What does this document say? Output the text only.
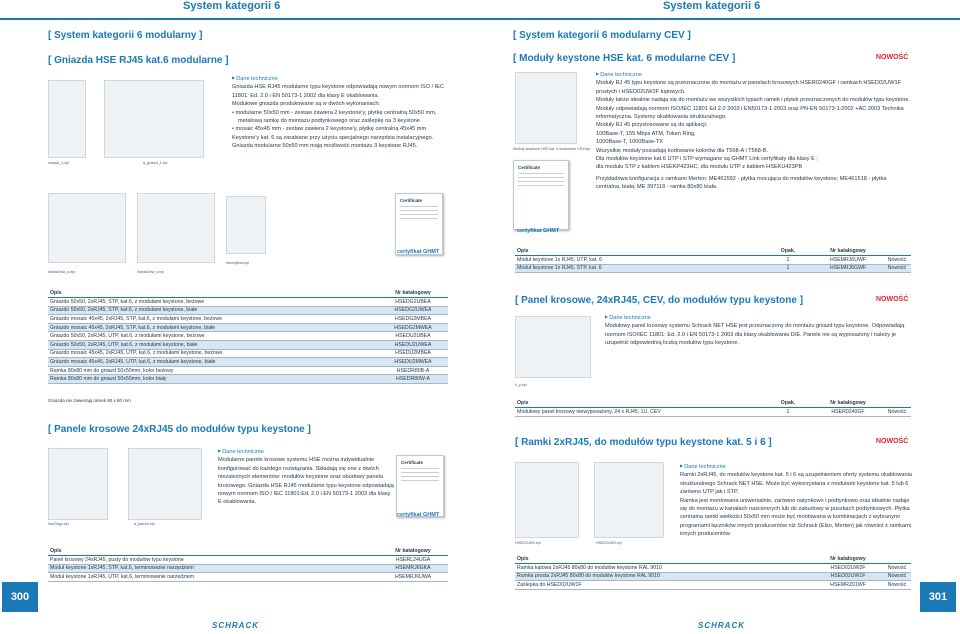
System kategorii 6	System kategorii 6
[ System kategorii 6 modularny ]
[ Gniazda HSE RJ45 kat.6 modularne ]
mosaic_1.epi	a_gniezd_1.epi
hseda2mw_a.epi	hseda2mw_s.epi
hsemrj6uw.epi
▶ Dane techniczne
Gniazda HSE RJ45 modularne typu keystone odpowiadają nowym normom ISO / IEC 11801: Ed. 2.0 i EN 50173-1 2002 dla klasy E okablowania.
Modułowe gniazda produkowane są w dwóch wykonaniach:
• modularne 50x50 mm - zestaw zawiera 2 keystone'y, płytkę centralną 50x50 mm, metalową ramkę do montażu podtynkowego oraz zaślepkę na 3 keystone
• mosaic 45x45 mm - zestaw zawiera 2 keystone'y, płytkę centralną 45x45 mm
Keystone'y kat. 6 są zarabiane przy użyciu specjalnego narzędzia instalacyjnego. Gniazda modularne 50x50 mm mają możliwość montażu 3 keystone RJ45.
Certificate
certyfikat GHMT
Opis	Nr katalogowy
Gniazdo 50x50, 2xRJ45, STP, kat.6, z modułami keystone, beżowe	HSEDG2UBEA
Gniazdo 50x50, 2xRJ45, STP, kat.6, z modułami keystone, białe	HSEDG2UWEA
Gniazdo mosaic 45x45, 2xRJ45, STP, kat.6, z modułami keystone, beżowe	HSEDG2MBEA
Gniazdo mosaic 45x45, 2xRJ45, STP, kat.6, z modułami keystone, białe	HSEDG2MWEA
Gniazdo 50x50, 2xRJ45, UTP, kat.6, z modułami keystone, beżowe	HSEDU2UBEA
Gniazdo 50x50, 2xRJ45, UTP, kat.6, z modułami keystone, białe	HSEDU2UWEA
Gniazdo mosaic 45x45, 2xRJ45, UTP, kat.6, z modułami keystone, beżowe	HSEDU2MBEA
Gniazdo mosaic 45x45, 2xRJ45, UTP, kat.6, z modułami keystone, białe	HSEDU2MWEA
Ramka 80x80 mm do gniazd 50x50mm, kolor beżowy	HSEDR80B-A
Ramka 80x80 mm do gniazd 50x50mm, kolor biały	HSEDR80W-A
Gniazda nie zawierają ramek 80 x 80 mm
[ Panele krosowe 24xRJ45 do modułów typu keystone ]
hse24tge.epi	a_patch2.epi
▶ Dane techniczne
Modularne panele krosowe systemu HSE można indywidualnie konfigurować do każdego rozwiązania. Składają się one z dwóch niezależnych elementów: modułów keystone oraz obudowy panela krosowego. Gniazda HSE RJ45 modularne typu keystone odpowiadają nowym normom ISO / IEC 11801:Ed. 2.0 i EN 50173-1 2003 dla klasy E okablowania.
Certificate
certyfikat GHMT
Opis	Nr katalogowy
Panel krosowy 24xRJ45, pusty do modułów typu keystone	HSERL24UGA
Moduł keystone 1xRJ45, STP, kat.6, terminowanie narzędziem	HSEMRJ6GKA
Moduł keystone 1xRJ45, UTP, kat.6, terminowanie narzędziem	HSEMRJ6UWA
300
SCHRACK
[ System kategorii 6 modularny CEV ]
[ Moduły keystone HSE kat. 6 modularne CEV ]	NOWOŚĆ
Moduły keystone HSE kat. 6 modularne CEV.epi
▶ Dane techniczne
Moduły RJ 45 typu keystone są przeznaczone do montażu w panelach krosowych HSER0240GF i ramkach HSED02UW1F prostych i HSED02UW2F kątowych.
Moduły także idealnie nadają się do montażu we wszystkich typach ramek i płytek przeznaczonych do modułów typu keystone.
Moduły odpowiadają normom ISO/IEC 11801 Ed 2.0 2003 i EN50173-1 2003 oraz PN-EN 50173-1:2002 +AC:2003 Technika informatyczna. Systemy okablowania strukturalnego.
Moduły RJ 45 przystosowane są do aplikacji:
100Base-T, 155 Mbps ATM, Token Ring,
1000Base-T, 1000Base-TX
Wszystkie moduły posiadają kodowanie kolorów dla T568-A i T568-B.
Dla modułów keystone kat.6 UTP i STP wymagane są GHMT Link certyfikaty dla klasy E ;
dla modułu STP z kablem HSEKP423HC, dla modułu UTP z kablem HSEKU423PB
Przykładowa konfiguracja z ramkami Merten: ME461592 - płytka mocująca do modułów keystone; ME461518 - płytka centralna, biała; ME 397118 - ramka 80x80 biała.
Certificate
certyfikat GHMT
Opis	Opak.	Nr katalogowy
Moduł keystone 1x RJ45, UTP, kat. 6	1	HSEMRJ6UWF	Nowość
Moduł keystone 1x RJ45, STP, kat. 6	1	HSEMRJ6GWF	Nowość
[ Panel krosowe, 24xRJ45, CEV, do modułów typu keystone ]	NOWOŚĆ
h_p.epi
▶ Dane techniczne
Modułowy panel krosowy systemu Schrack NET HSE jest przeznaczony do montażu gniazd typu keystone. Odpowiadają normom ISO/IEC 11801: Ed. 2.0 i EN 50173-1 2003 dla klasy okablowania D/E. Panele nie są wyposażony i należy je uzupełnić odpowiednią liczbą modułów typu keystone.
Opis	Opak.	Nr katalogowy
Modułowy panel krosowy niewyposażony, 24 x RJ45, 1U, CEV	1	HSER0240GF	Nowość
[ Ramki 2xRJ45, do modułów typu keystone kat. 5 i 6 ]	NOWOŚĆ
HSED2UW1.epi	HSED2UW2.epi
▶ Dane techniczne
Ramki 2xRJ45, do modułów keystone kat. 5 i 6 są uzupełnieniem oferty systemu okablowania strukturalnego Schrack NET HSE. Może być wykorzystana z modułami keystone kat. 5 lub 6 zarówno UTP jak i STP.
Ramka jest montowana uniwersalnie, zarówno natynkowo i podtynkowo oraz ideałnie nadaje się do montażu w kanałach naściennych lub do zabudowy w puszkach podtynkowych. Płytka centralna ramki wielkości 50x50 mm może być montowana w kombinacjach z wybranymi programami łączników innych producentów niż Schrack (Elso, Merten) jak również z ramkami innych producentów.
Opis	Nr katalogowy
Ramka kątowa 2xRJ45 80x80 do modułów keystone RAL 9010	HSED02UW2F	Nowość
Ramka prosta 2xRJ45 80x80 do modułów keystone RAL 9010	HSED02UW1F	Nowość
Zaślepka do HSED02UW1F	HSEMRZ01WF	Nowość
301
SCHRACK
